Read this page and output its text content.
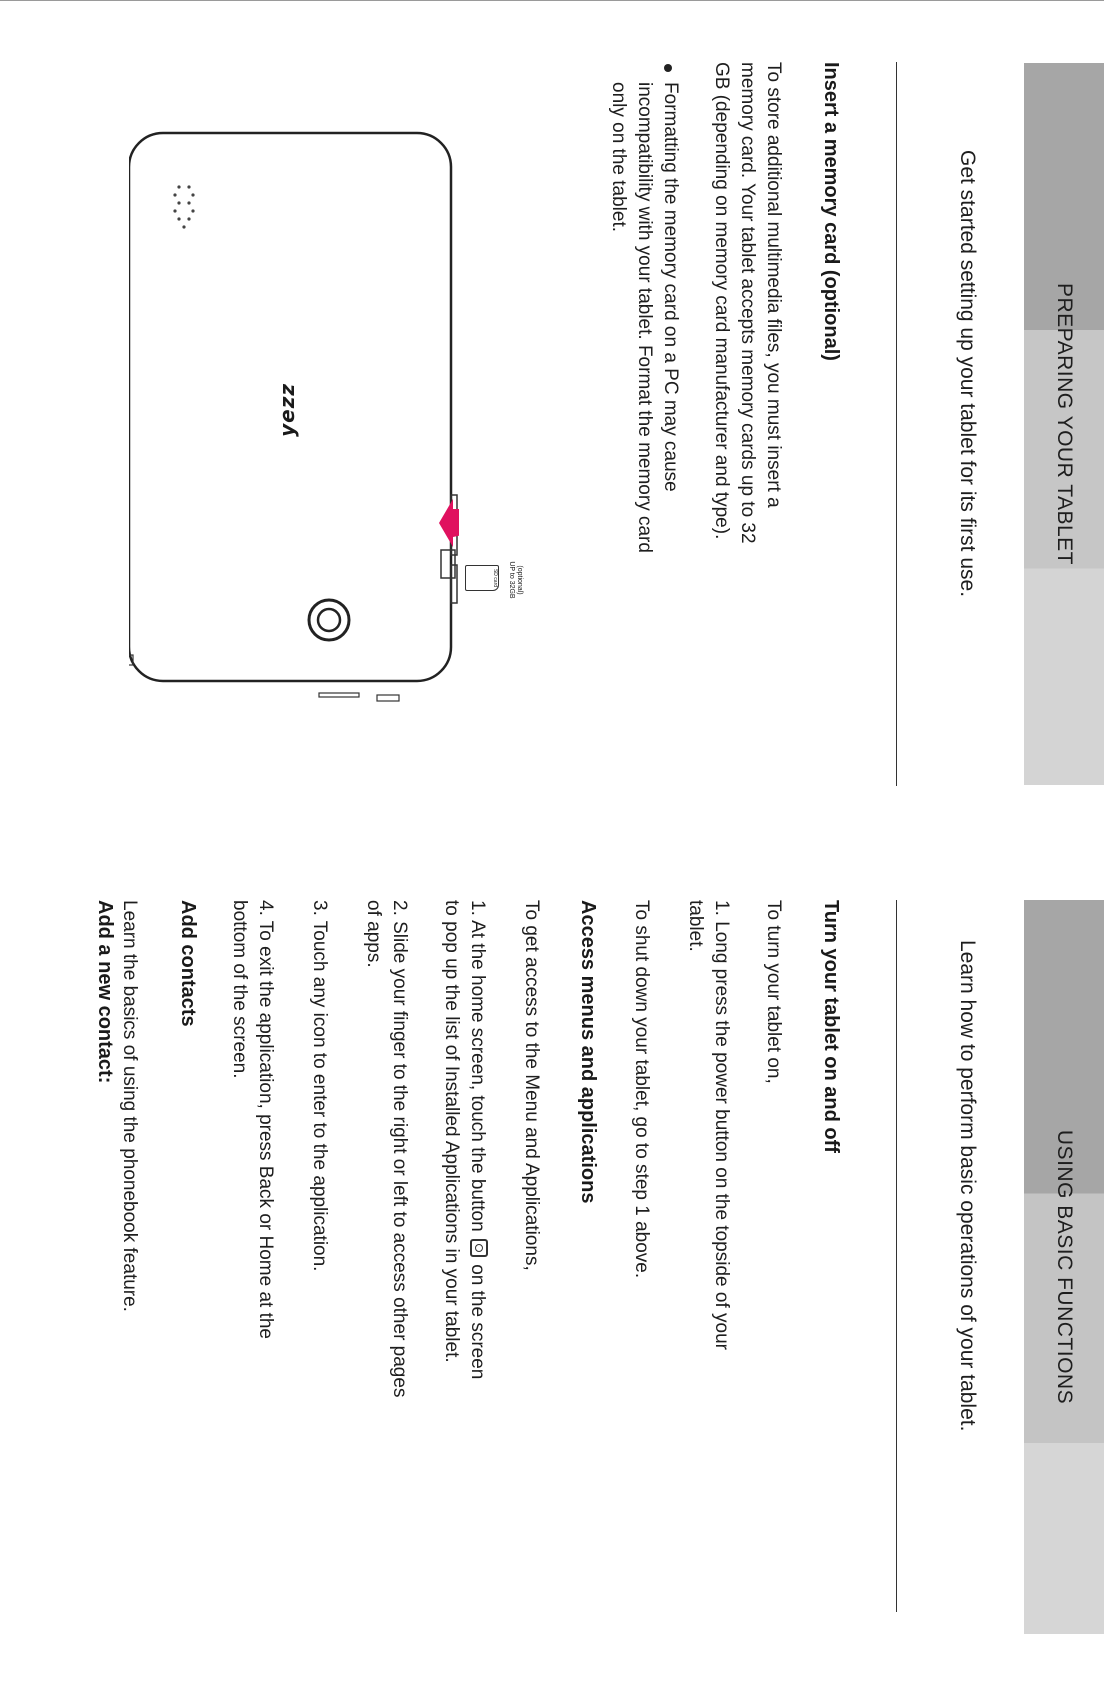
PREPARING YOUR TABLET
Get started setting up your tablet for its first use.
Insert a memory card (optional)
To store additional multimedia files, you must insert a
memory card. Your tablet accepts memory cards up to 32
GB (depending on memory card manufacturer and type).
Formatting the memory card on a PC may cause
incompatibility with your tablet. Format the memory card
only on the tablet.
yezz
SD card	(optional)
UP to 32GB
USING BASIC FUNCTIONS
Learn how to perform basic operations of your tablet.
Turn your tablet on and off
To turn your tablet on,
1. Long press the power button on the topside of your
tablet.
To shut down your tablet, go to step 1 above.
Access menus and applications
To get access to the Menu and Applications,
1. At the home screen, touch the button  on the screen
to pop up the list of Installed Applications in your tablet.
2. Slide your finger to the right or left to access other pages
of apps.
3. Touch any icon to enter to the application.
4. To exit the application, press Back or Home at the
bottom of the screen.
Add contacts
Learn the basics of using the phonebook feature.
Add a new contact:
